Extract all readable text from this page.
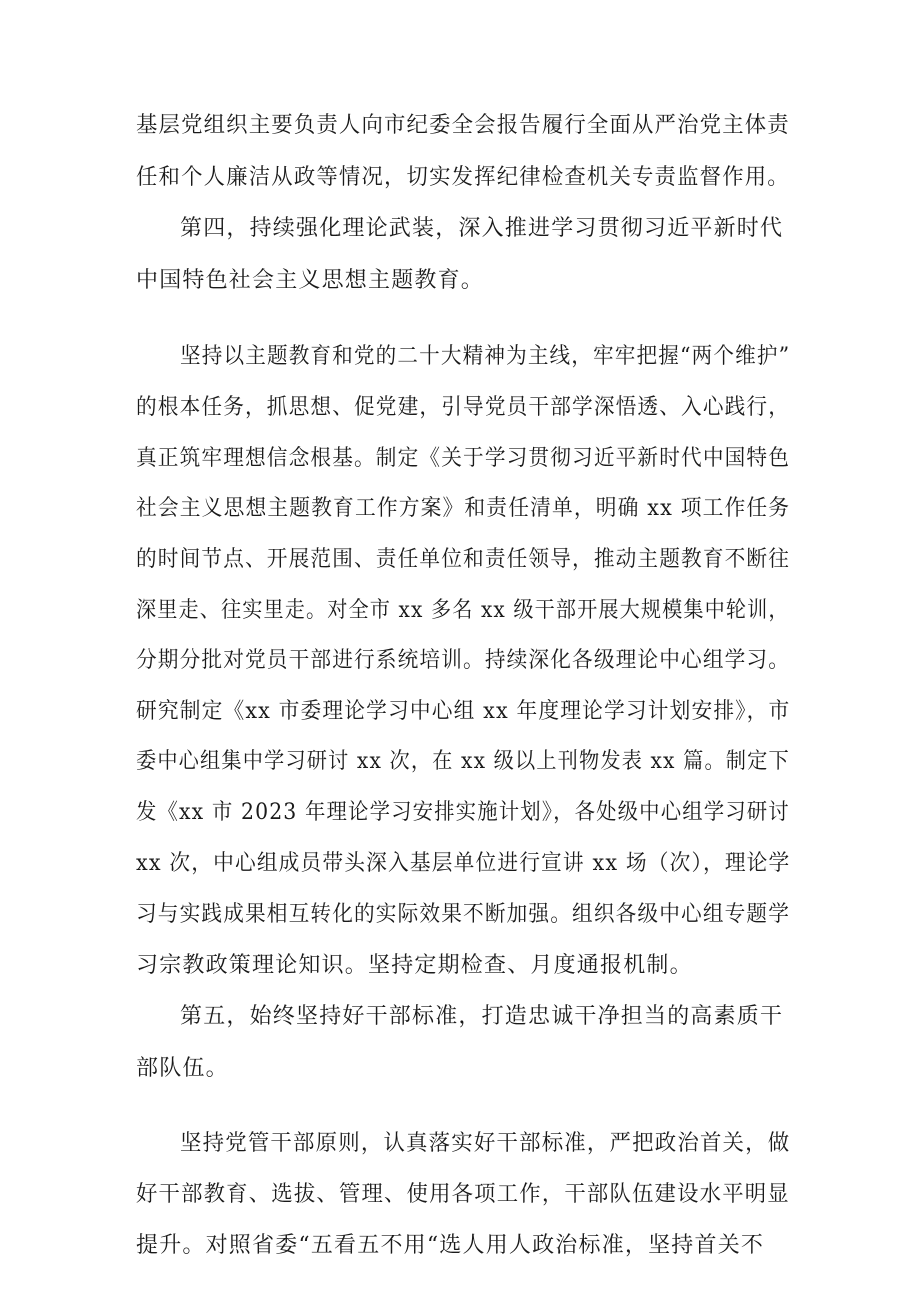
基层党组织主要负责人向市纪委全会报告履行全面从严治党主体责
任和个人廉洁从政等情况，切实发挥纪律检查机关专责监督作用。
第四，持续强化理论武装，深入推进学习贯彻习近平新时代
中国特色社会主义思想主题教育。
坚持以主题教育和党的二十大精神为主线，牢牢把握“两个维护”
的根本任务，抓思想、促党建，引导党员干部学深悟透、入心践行，
真正筑牢理想信念根基。制定《关于学习贯彻习近平新时代中国特色
社会主义思想主题教育工作方案》和责任清单，明确 xx 项工作任务
的时间节点、开展范围、责任单位和责任领导，推动主题教育不断往
深里走、往实里走。对全市 xx 多名 xx 级干部开展大规模集中轮训，
分期分批对党员干部进行系统培训。持续深化各级理论中心组学习。
研究制定《xx 市委理论学习中心组 xx 年度理论学习计划安排》，市
委中心组集中学习研讨 xx 次，在 xx 级以上刊物发表 xx 篇。制定下
发《xx 市 2023 年理论学习安排实施计划》，各处级中心组学习研讨
xx 次，中心组成员带头深入基层单位进行宣讲 xx 场（次），理论学
习与实践成果相互转化的实际效果不断加强。组织各级中心组专题学
习宗教政策理论知识。坚持定期检查、月度通报机制。
第五，始终坚持好干部标准，打造忠诚干净担当的高素质干
部队伍。
坚持党管干部原则，认真落实好干部标准，严把政治首关，做
好干部教育、选拔、管理、使用各项工作，干部队伍建设水平明显
提升。对照省委“五看五不用“选人用人政治标准，坚持首关不
